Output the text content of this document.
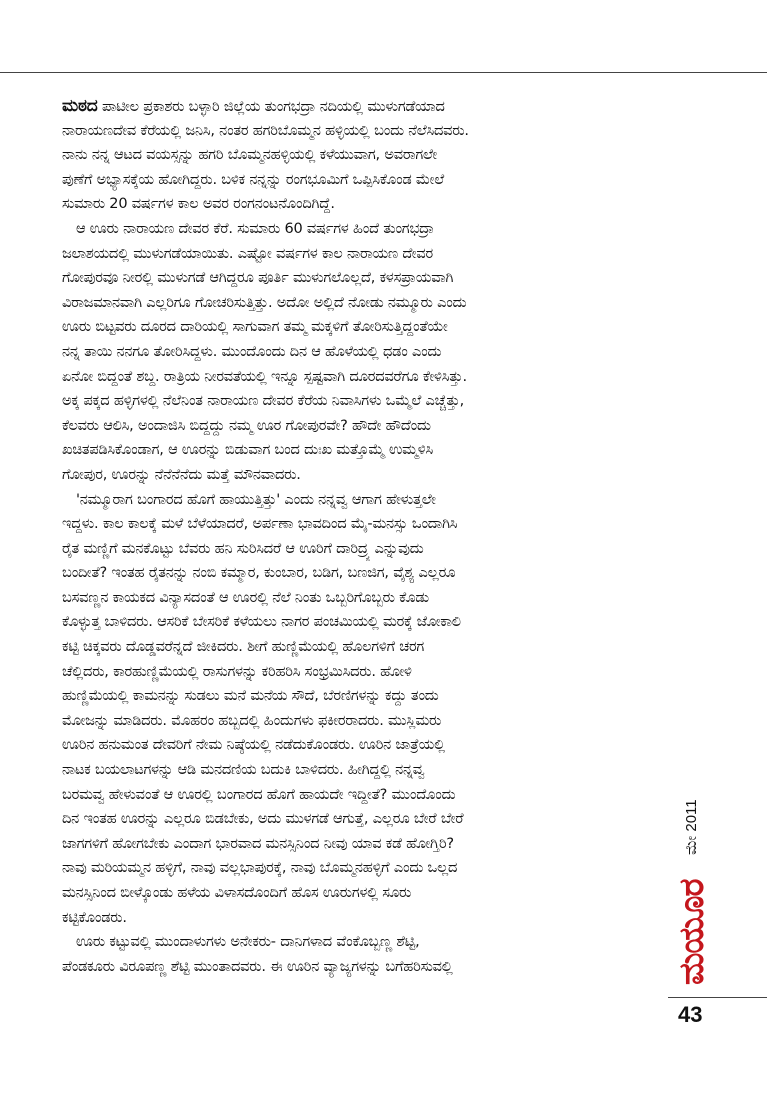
ಮಠದ ಪಾಟೀಲ ಪ್ರಕಾಶರು ಬಳ್ಳಾರಿ ಜಿಲ್ಲೆಯ ತುಂಗಭದ್ರಾ ನದಿಯಲ್ಲಿ ಮುಳುಗಡೆಯಾದ
ನಾರಾಯಣದೇವ ಕೆರೆಯಲ್ಲಿ ಜನಿಸಿ, ನಂತರ ಹಗರಿಬೊಮ್ಮನ ಹಳ್ಳಿಯಲ್ಲಿ ಬಂದು ನೆಲೆಸಿದವರು.
ನಾನು ನನ್ನ ಆಟದ ವಯಸ್ಸನ್ನು ಹಗರಿ ಬೊಮ್ಮನಹಳ್ಳಿಯಲ್ಲಿ ಕಳೆಯುವಾಗ, ಅವರಾಗಲೇ
ಪುಣೆಗೆ ಅಭ್ಯಾಸಕ್ಕೆಯ ಹೋಗಿದ್ದರು. ಬಳಿಕ ನನ್ನನ್ನು ರಂಗಭೂಮಿಗೆ ಒಪ್ಪಿಸಿಕೊಂಡ ಮೇಲೆ
ಸುಮಾರು 20 ವರ್ಷಗಳ ಕಾಲ ಅವರ ರಂಗನಂಟನೊಂದಿಗಿದ್ದೆ.
ಆ ಊರು ನಾರಾಯಣ ದೇವರ ಕೆರೆ. ಸುಮಾರು 60 ವರ್ಷಗಳ ಹಿಂದೆ ತುಂಗಭದ್ರಾ
ಜಲಾಶಯದಲ್ಲಿ ಮುಳುಗಡೆಯಾಯಿತು. ಎಷ್ಟೋ ವರ್ಷಗಳ ಕಾಲ ನಾರಾಯಣ ದೇವರ
ಗೋಪುರವೂ ನೀರಲ್ಲಿ ಮುಳುಗಡೆ ಆಗಿದ್ದರೂ ಪೂರ್ತಿ ಮುಳುಗಲೊಲ್ಲದೆ, ಕಳಸಪ್ರಾಯವಾಗಿ
ವಿರಾಜಮಾನವಾಗಿ ಎಲ್ಲರಿಗೂ ಗೋಚರಿಸುತ್ತಿತ್ತು. ಅದೋ ಅಲ್ಲಿದೆ ನೋಡು ನಮ್ಮೂರು ಎಂದು
ಊರು ಬಿಟ್ಟವರು ದೂರದ ದಾರಿಯಲ್ಲಿ ಸಾಗುವಾಗ ತಮ್ಮ ಮಕ್ಕಳಿಗೆ ತೋರಿಸುತ್ತಿದ್ದಂತೆಯೇ
ನನ್ನ ತಾಯಿ ನನಗೂ ತೋರಿಸಿದ್ದಳು. ಮುಂದೊಂದು ದಿನ ಆ ಹೊಳೆಯಲ್ಲಿ ಧಡಂ ಎಂದು
ಏನೋ ಬಿದ್ದಂತೆ ಶಬ್ದ. ರಾತ್ರಿಯ ನೀರವತೆಯಲ್ಲಿ ಇನ್ನೂ ಸ್ಪಷ್ಟವಾಗಿ ದೂರದವರೆಗೂ ಕೇಳಿಸಿತ್ತು.
ಅಕ್ಕ ಪಕ್ಕದ ಹಳ್ಳಿಗಳಲ್ಲಿ ನೆಲೆನಿಂತ ನಾರಾಯಣ ದೇವರ ಕೆರೆಯ ನಿವಾಸಿಗಳು ಒಮ್ಮೆಲೆ ಎಚ್ಚೆತ್ತು,
ಕೆಲವರು ಆಲಿಸಿ, ಅಂದಾಜಿಸಿ ಬಿದ್ದದ್ದು ನಮ್ಮ ಊರ ಗೋಪುರವೇ? ಹೌದೇ ಹೌದೆಂದು
ಖಚಿತಪಡಿಸಿಕೊಂಡಾಗ, ಆ ಊರನ್ನು ಬಿಡುವಾಗ ಬಂದ ದುಃಖ ಮತ್ತೊಮ್ಮೆ ಉಮ್ಮಳಿಸಿ
ಗೋಪುರ, ಊರನ್ನು ನೆನೆನೆನೆದು ಮತ್ತೆ ಮೌನವಾದರು.
'ನಮ್ಮೂರಾಗ ಬಂಗಾರದ ಹೊಗೆ ಹಾಯುತ್ತಿತ್ತು' ಎಂದು ನನ್ನವ್ವ ಆಗಾಗ ಹೇಳುತ್ತಲೇ
ಇದ್ದಳು. ಕಾಲ ಕಾಲಕ್ಕೆ ಮಳೆ ಬೆಳೆಯಾದರೆ, ಅರ್ಪಣಾ ಭಾವದಿಂದ ಮೈ-ಮನಸ್ಸು ಒಂದಾಗಿಸಿ
ರೈತ ಮಣ್ಣಿಗೆ ಮನಕೊಟ್ಟು ಬೆವರು ಹನಿ ಸುರಿಸಿದರೆ ಆ ಊರಿಗೆ ದಾರಿದ್ರ್ಯ ಎನ್ನುವುದು
ಬಂದೀತೆ? ಇಂತಹ ರೈತನನ್ನು ನಂಬಿ ಕಮ್ಮಾರ, ಕುಂಬಾರ, ಬಡಿಗ, ಬಣಜಿಗ, ವೈಶ್ಯ ಎಲ್ಲರೂ
ಬಸವಣ್ಣನ ಕಾಯಕದ ವಿನ್ಯಾಸದಂತೆ ಆ ಊರಲ್ಲಿ ನೆಲೆ ನಿಂತು ಒಬ್ಬರಿಗೊಬ್ಬರು ಕೊಡು
ಕೊಳ್ಳುತ್ತ ಬಾಳಿದರು. ಆಸರಿಕೆ ಬೇಸರಿಕೆ ಕಳೆಯಲು ನಾಗರ ಪಂಚಮಿಯಲ್ಲಿ ಮರಕ್ಕೆ ಜೋಕಾಲಿ
ಕಟ್ಟಿ ಚಿಕ್ಕವರು ದೊಡ್ಡವರೆನ್ನದೆ ಜೀಕಿದರು. ಶೀಗೆ ಹುಣ್ಣಿಮೆಯಲ್ಲಿ ಹೊಲಗಳಿಗೆ ಚರಗ
ಚೆಲ್ಲಿದರು, ಕಾರಹುಣ್ಣಿಮೆಯಲ್ಲಿ ರಾಸುಗಳನ್ನು ಕರಿಹರಿಸಿ ಸಂಭ್ರಮಿಸಿದರು. ಹೋಳಿ
ಹುಣ್ಣಿಮೆಯಲ್ಲಿ ಕಾಮನನ್ನು ಸುಡಲು ಮನೆ ಮನೆಯ ಸೌದೆ, ಬೆರಣಿಗಳನ್ನು ಕದ್ದು ತಂದು
ಮೋಜನ್ನು ಮಾಡಿದರು. ಮೊಹರಂ ಹಬ್ಬದಲ್ಲಿ ಹಿಂದುಗಳು ಫಕೀರರಾದರು. ಮುಸ್ಲಿಮರು
ಊರಿನ ಹನುಮಂತ ದೇವರಿಗೆ ನೇಮ ನಿಷ್ಠೆಯಲ್ಲಿ ನಡೆದುಕೊಂಡರು. ಊರಿನ ಜಾತ್ರೆಯಲ್ಲಿ
ನಾಟಕ ಬಯಲಾಟಗಳನ್ನು ಆಡಿ ಮನದಣಿಯ ಬದುಕಿ ಬಾಳಿದರು. ಹೀಗಿದ್ದಲ್ಲಿ ನನ್ನವ್ವ
ಬರಮವ್ವ ಹೇಳುವಂತೆ ಆ ಊರಲ್ಲಿ ಬಂಗಾರದ ಹೊಗೆ ಹಾಯದೇ ಇದ್ದೀತೆ? ಮುಂದೊಂದು
ದಿನ ಇಂತಹ ಊರನ್ನು ಎಲ್ಲರೂ ಬಿಡಬೇಕು, ಅದು ಮುಳಗಡೆ ಆಗುತ್ತೆ, ಎಲ್ಲರೂ ಬೇರೆ ಬೇರೆ
ಜಾಗಗಳಿಗೆ ಹೋಗಬೇಕು ಎಂದಾಗ ಭಾರವಾದ ಮನಸ್ಸಿನಿಂದ ನೀವು ಯಾವ ಕಡೆ ಹೋಗ್ತಿರಿ?
ನಾವು ಮರಿಯಮ್ಮನ ಹಳ್ಳಿಗೆ, ನಾವು ವಲ್ಲಭಾಪುರಕ್ಕೆ, ನಾವು ಬೊಮ್ಮನಹಳ್ಳಿಗೆ ಎಂದು ಒಲ್ಲದ
ಮನಸ್ಸಿನಿಂದ ಬೀಳ್ಕೊಂಡು ಹಳೆಯ ವಿಳಾಸದೊಂದಿಗೆ ಹೊಸ ಊರುಗಳಲ್ಲಿ ಸೂರು
ಕಟ್ಟಿಕೊಂಡರು.
ಊರು ಕಟ್ಟುವಲ್ಲಿ ಮುಂದಾಳುಗಳು ಅನೇಕರು- ದಾನಿಗಳಾದ ವೆಂಕೊಬ್ಬಣ್ಣ ಶೆಟ್ಟಿ,
ಪೆಂಡಕೂರು ವಿರೂಪಣ್ಣ ಶೆಟ್ಟಿ ಮುಂತಾದವರು. ಈ ಊರಿನ ವ್ಯಾಜ್ಯಗಳನ್ನು ಬಗೆಹರಿಸುವಲ್ಲಿ
ಮೇ 2011
ಮಯೂರ
43
